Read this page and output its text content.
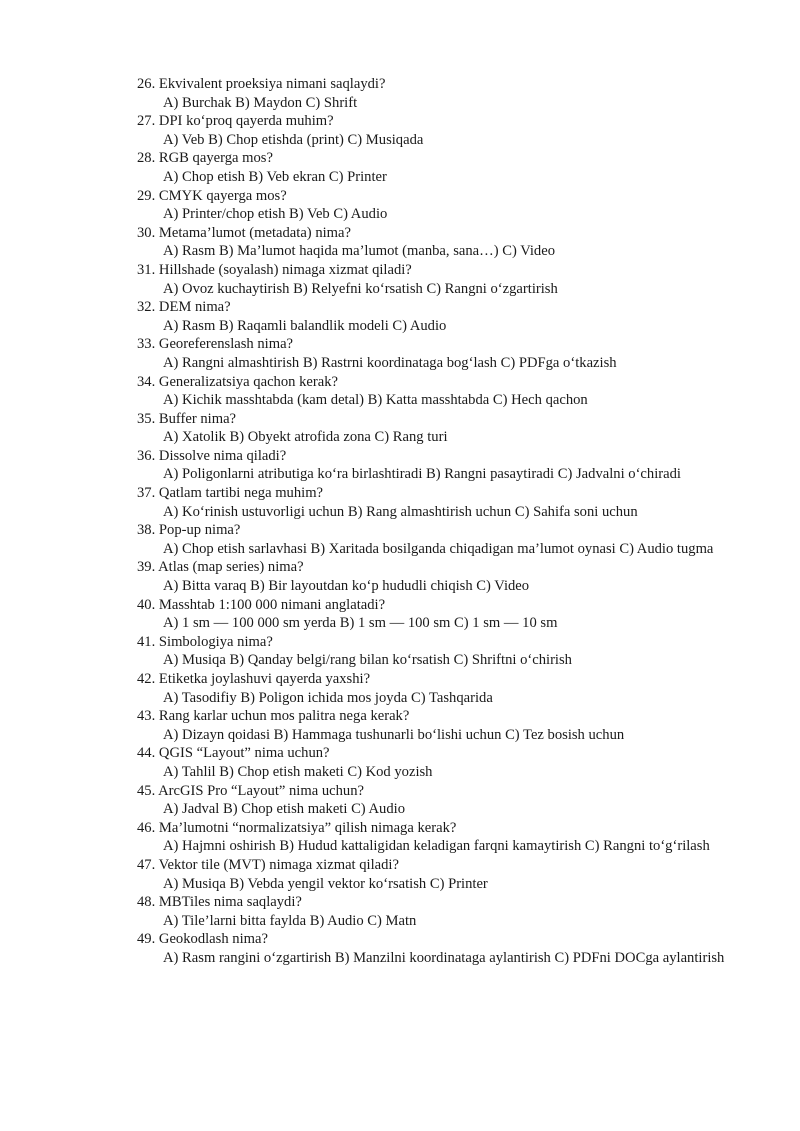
26. Ekvivalent proeksiya nimani saqlaydi?
A) Burchak B) Maydon C) Shrift
27. DPI ko‘proq qayerda muhim?
A) Veb B) Chop etishda (print) C) Musiqada
28. RGB qayerga mos?
A) Chop etish B) Veb ekran C) Printer
29. CMYK qayerga mos?
A) Printer/chop etish B) Veb C) Audio
30. Metama’lumot (metadata) nima?
A) Rasm B) Ma’lumot haqida ma’lumot (manba, sana…) C) Video
31. Hillshade (soyalash) nimaga xizmat qiladi?
A) Ovoz kuchaytirish B) Relyefni ko‘rsatish C) Rangni o‘zgartirish
32. DEM nima?
A) Rasm B) Raqamli balandlik modeli C) Audio
33. Georeferenslash nima?
A) Rangni almashtirish B) Rastrni koordinataga bog‘lash C) PDFga o‘tkazish
34. Generalizatsiya qachon kerak?
A) Kichik masshtabda (kam detal) B) Katta masshtabda C) Hech qachon
35. Buffer nima?
A) Xatolik B) Obyekt atrofida zona C) Rang turi
36. Dissolve nima qiladi?
A) Poligonlarni atributiga ko‘ra birlashtiradi B) Rangni pasaytiradi C) Jadvalni o‘chiradi
37. Qatlam tartibi nega muhim?
A) Ko‘rinish ustuvorligi uchun B) Rang almashtirish uchun C) Sahifa soni uchun
38. Pop-up nima?
A) Chop etish sarlavhasi B) Xaritada bosilganda chiqadigan ma’lumot oynasi C) Audio tugma
39. Atlas (map series) nima?
A) Bitta varaq B) Bir layoutdan ko‘p hududli chiqish C) Video
40. Masshtab 1:100 000 nimani anglatadi?
A) 1 sm — 100 000 sm yerda B) 1 sm — 100 sm C) 1 sm — 10 sm
41. Simbologiya nima?
A) Musiqa B) Qanday belgi/rang bilan ko‘rsatish C) Shriftni o‘chirish
42. Etiketka joylashuvi qayerda yaxshi?
A) Tasodifiy B) Poligon ichida mos joyda C) Tashqarida
43. Rang karlar uchun mos palitra nega kerak?
A) Dizayn qoidasi B) Hammaga tushunarli bo‘lishi uchun C) Tez bosish uchun
44. QGIS “Layout” nima uchun?
A) Tahlil B) Chop etish maketi C) Kod yozish
45. ArcGIS Pro “Layout” nima uchun?
A) Jadval B) Chop etish maketi C) Audio
46. Ma’lumotni “normalizatsiya” qilish nimaga kerak?
A) Hajmni oshirish B) Hudud kattaligidan keladigan farqni kamaytirish C) Rangni to‘g‘rilash
47. Vektor tile (MVT) nimaga xizmat qiladi?
A) Musiqa B) Vebda yengil vektor ko‘rsatish C) Printer
48. MBTiles nima saqlaydi?
A) Tile’larni bitta faylda B) Audio C) Matn
49. Geokodlash nima?
A) Rasm rangini o‘zgartirish B) Manzilni koordinataga aylantirish C) PDFni DOCga aylantirish
